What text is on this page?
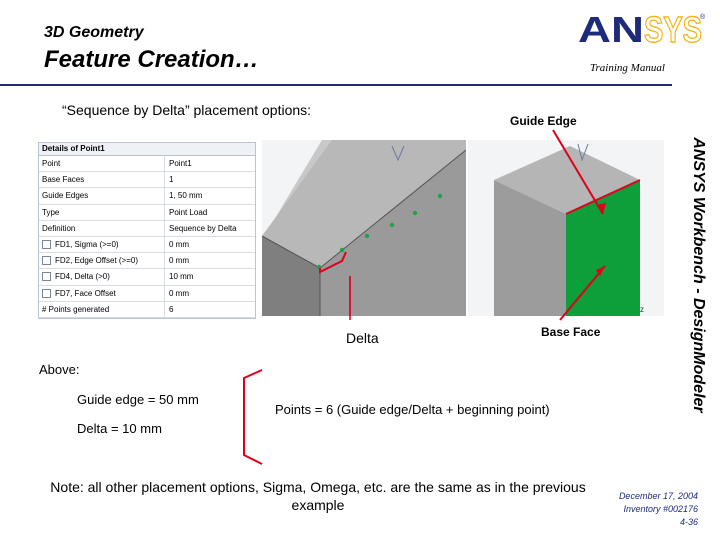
3D Geometry
Feature Creation…
AN SYS
®
Training Manual
ANSYS Workbench - DesignModeler
“Sequence by Delta” placement options:
Details of Point1
Point	Point1
Base Faces	1
Guide Edges	1, 50 mm
Type	Point Load
Definition	Sequence by Delta
FD1, Sigma (>=0)	0 mm
FD2, Edge Offset (>=0)	0 mm
FD4, Delta (>0)	10 mm
FD7, Face Offset	0 mm
# Points generated	6	z
Guide Edge
Delta	Base Face
Above:
Guide edge = 50 mm
Delta = 10 mm
Points = 6 (Guide edge/Delta + beginning point)
Note: all other placement options, Sigma, Omega, etc. are the same as in the previous example
December 17, 2004
Inventory #002176
4-36
